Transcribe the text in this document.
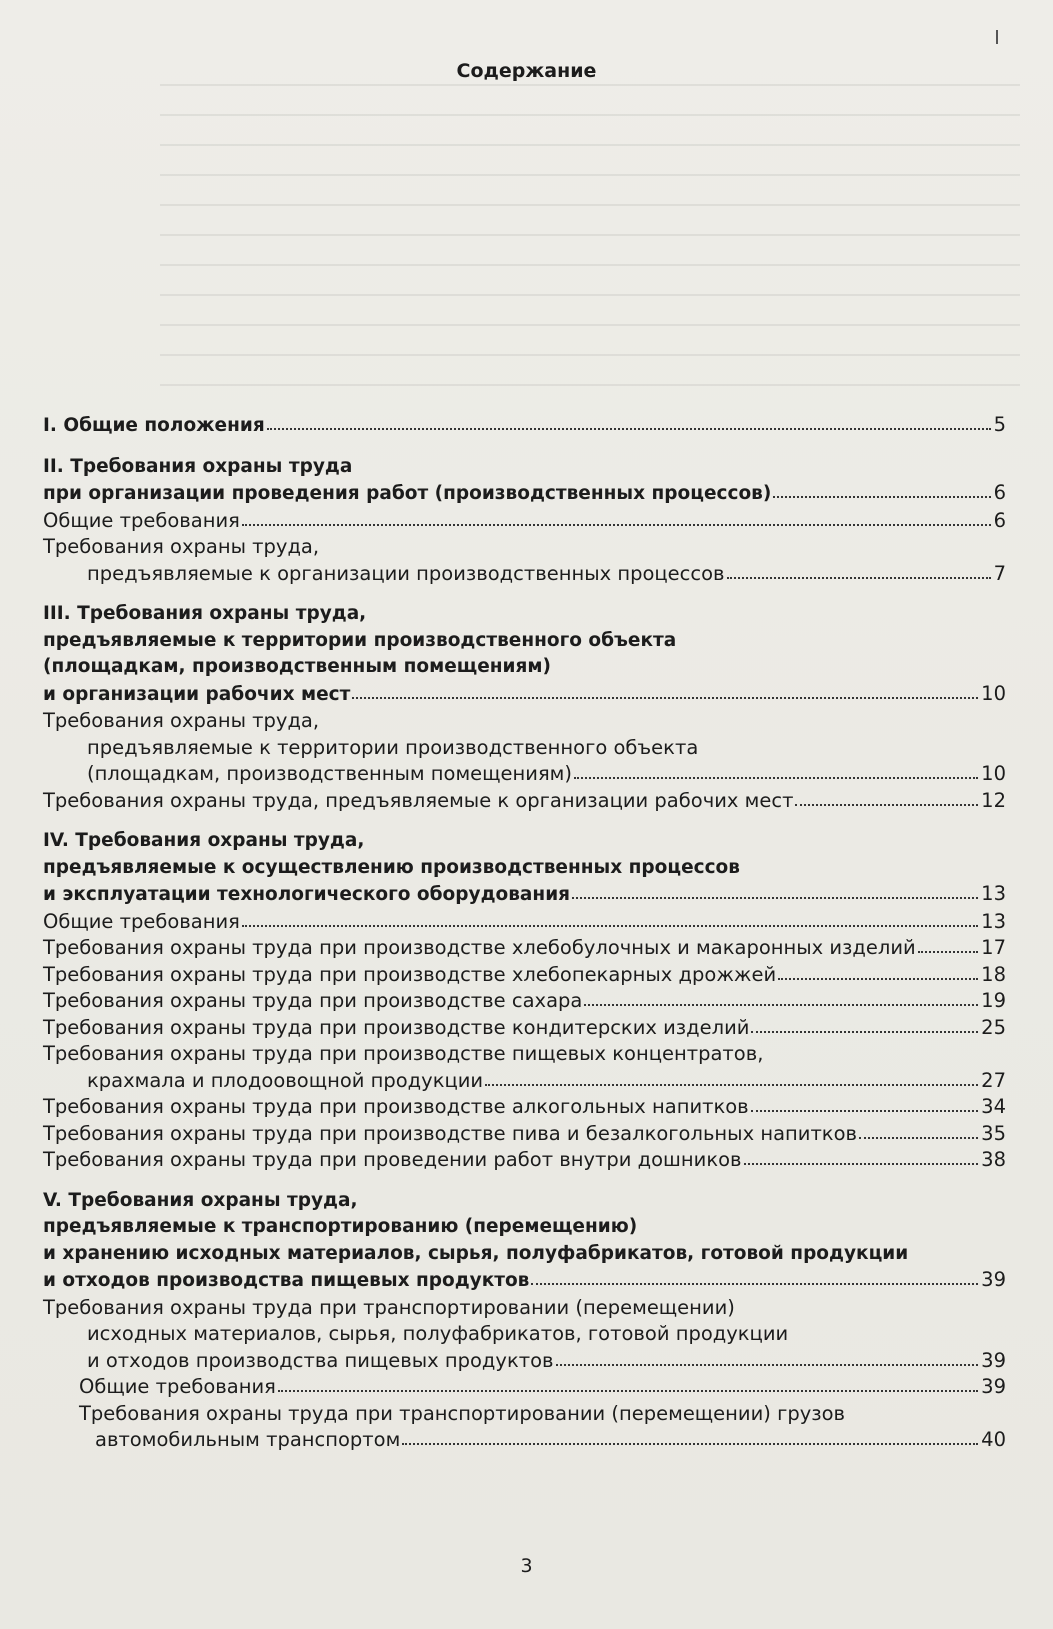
Содержание
I. Общие положения	5
II. Требования охраны труда
при организации проведения работ (производственных процессов)	6
Общие требования	6
Требования охраны труда,
предъявляемые к организации производственных процессов	7
III. Требования охраны труда,
предъявляемые к территории производственного объекта
(площадкам, производственным помещениям)
и организации рабочих мест	10
Требования охраны труда,
предъявляемые к территории производственного объекта
(площадкам, производственным помещениям)	10
Требования охраны труда, предъявляемые к организации рабочих мест	12
IV. Требования охраны труда,
предъявляемые к осуществлению производственных процессов
и эксплуатации технологического оборудования	13
Общие требования	13
Требования охраны труда при производстве хлебобулочных и макаронных изделий	17
Требования охраны труда при производстве хлебопекарных дрожжей	18
Требования охраны труда при производстве сахара	19
Требования охраны труда при производстве кондитерских изделий	25
Требования охраны труда при производстве пищевых концентратов,
крахмала и плодоовощной продукции	27
Требования охраны труда при производстве алкогольных напитков	34
Требования охраны труда при производстве пива и безалкогольных напитков	35
Требования охраны труда при проведении работ внутри дошников	38
V. Требования охраны труда,
предъявляемые к транспортированию (перемещению)
и хранению исходных материалов, сырья, полуфабрикатов, готовой продукции
и отходов производства пищевых продуктов	39
Требования охраны труда при транспортировании (перемещении)
исходных материалов, сырья, полуфабрикатов, готовой продукции
и отходов производства пищевых продуктов	39
Общие требования	39
Требования охраны труда при транспортировании (перемещении) грузов
автомобильным транспортом	40
3
